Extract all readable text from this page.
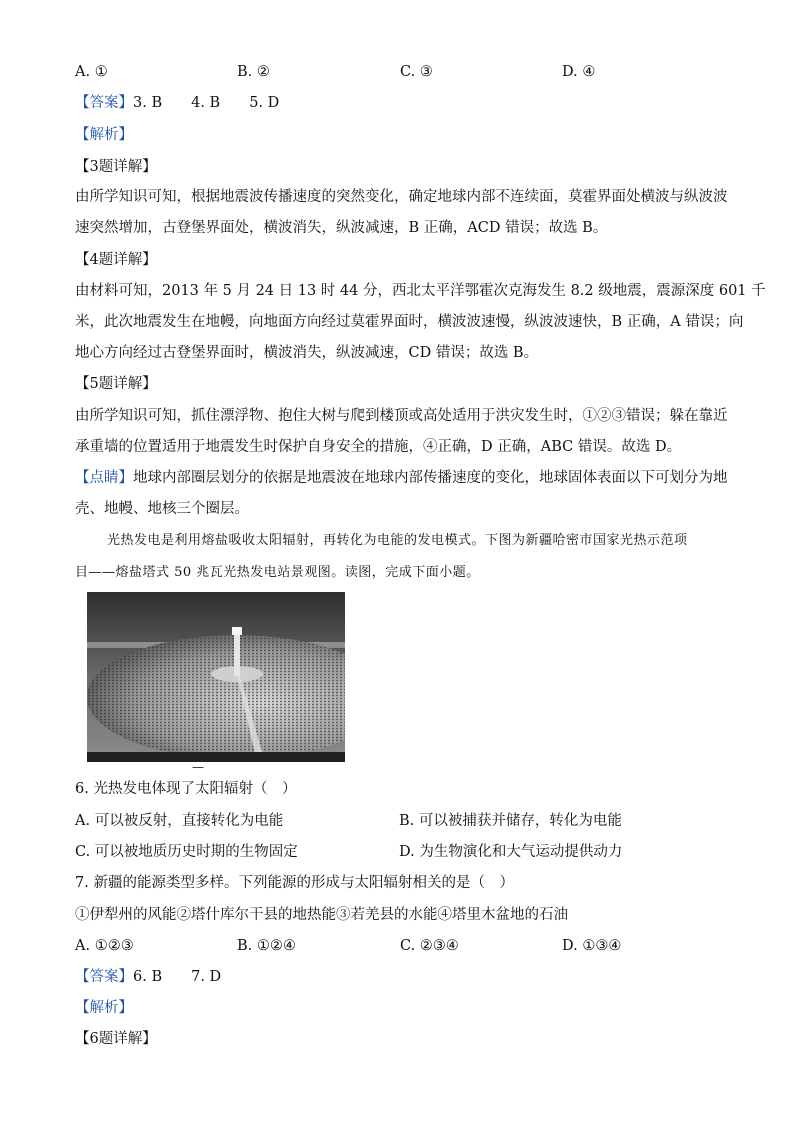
A. ①	B. ②	C. ③	D. ④
【答案】3. B　　4. B　　5. D
【解析】
【3题详解】
由所学知识可知，根据地震波传播速度的突然变化，确定地球内部不连续面，莫霍界面处横波与纵波波
速突然增加，古登堡界面处，横波消失，纵波减速，B 正确，ACD 错误；故选 B。
【4题详解】
由材料可知，2013 年 5 月 24 日 13 时 44 分，西北太平洋鄂霍次克海发生 8.2 级地震，震源深度 601 千
米，此次地震发生在地幔，向地面方向经过莫霍界面时，横波波速慢，纵波波速快，B 正确，A 错误；向
地心方向经过古登堡界面时，横波消失，纵波减速，CD 错误；故选 B。
【5题详解】
由所学知识可知，抓住漂浮物、抱住大树与爬到楼顶或高处适用于洪灾发生时，①②③错误；躲在靠近
承重墙的位置适用于地震发生时保护自身安全的措施，④正确，D 正确，ABC 错误。故选 D。
【点睛】地球内部圈层划分的依据是地震波在地球内部传播速度的变化，地球固体表面以下可划分为地
壳、地幔、地核三个圈层。
光热发电是利用熔盐吸收太阳辐射，再转化为电能的发电模式。下图为新疆哈密市国家光热示范项
目——熔盐塔式 50 兆瓦光热发电站景观图。读图，完成下面小题。
—
6. 光热发电体现了太阳辐射（　）
A. 可以被反射，直接转化为电能	B. 可以被捕获并储存，转化为电能
C. 可以被地质历史时期的生物固定	D. 为生物演化和大气运动提供动力
7. 新疆的能源类型多样。下列能源的形成与太阳辐射相关的是（　）
①伊犁州的风能②塔什库尔干县的地热能③若羌县的水能④塔里木盆地的石油
A. ①②③	B. ①②④	C. ②③④	D. ①③④
【答案】6. B　　7. D
【解析】
【6题详解】
